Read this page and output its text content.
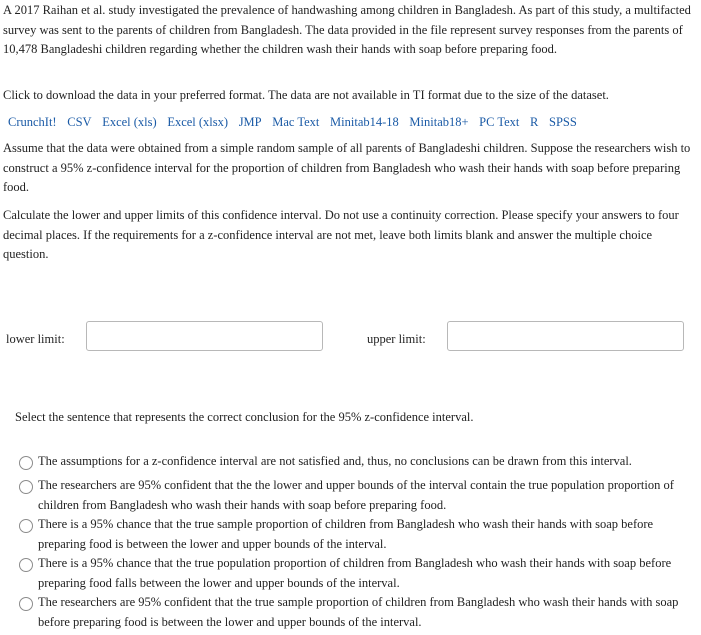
A 2017 Raihan et al. study investigated the prevalence of handwashing among children in Bangladesh. As part of this study, a multifacted survey was sent to the parents of children from Bangladesh. The data provided in the file represent survey responses from the parents of 10,478 Bangladeshi children regarding whether the children wash their hands with soap before preparing food.

Click to download the data in your preferred format. The data are not available in TI format due to the size of the dataset.

CrunchIt! CSV Excel (xls) Excel (xlsx) JMP Mac Text Minitab14-18 Minitab18+ PC Text R SPSS

Assume that the data were obtained from a simple random sample of all parents of Bangladeshi children. Suppose the researchers wish to construct a 95% z-confidence interval for the proportion of children from Bangladesh who wash their hands with soap before preparing food.

Calculate the lower and upper limits of this confidence interval. Do not use a continuity correction. Please specify your answers to four decimal places. If the requirements for a z-confidence interval are not met, leave both limits blank and answer the multiple choice question.

lower limit:	upper limit:
Select the sentence that represents the correct conclusion for the 95% z-confidence interval.
The assumptions for a z-confidence interval are not satisfied and, thus, no conclusions can be drawn from this interval.
The researchers are 95% confident that the the lower and upper bounds of the interval contain the true population proportion of children from Bangladesh who wash their hands with soap before preparing food.
There is a 95% chance that the true sample proportion of children from Bangladesh who wash their hands with soap before preparing food is between the lower and upper bounds of the interval.
There is a 95% chance that the true population proportion of children from Bangladesh who wash their hands with soap before preparing food falls between the lower and upper bounds of the interval.
The researchers are 95% confident that the true sample proportion of children from Bangladesh who wash their hands with soap before preparing food is between the lower and upper bounds of the interval.
